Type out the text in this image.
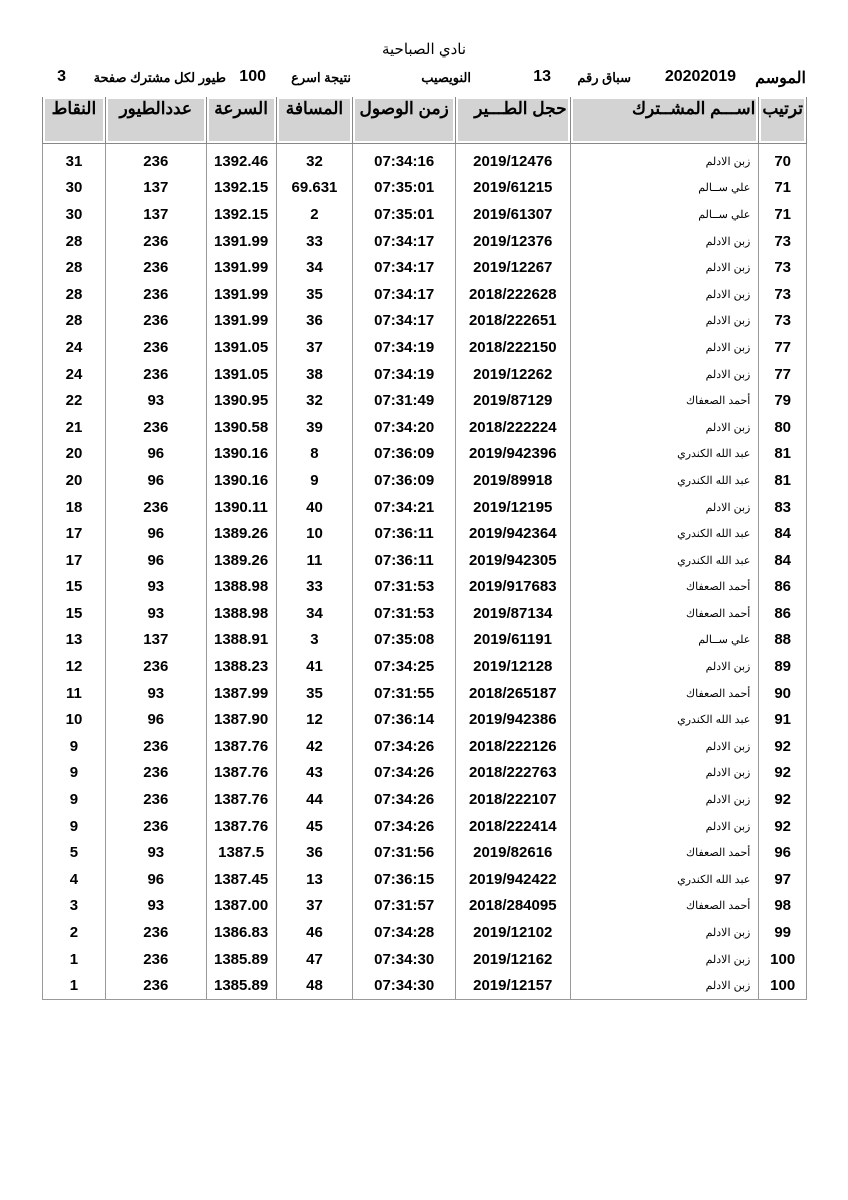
نادي الصباحية
الموسم
20202019
سباق رقم
13
النويصيب
نتيجة اسرع
100
طيور لكل مشترك صفحة
3
ترتيب	اســـم المشــترك	حجل الطـــير	زمن الوصول	المسافة	السرعة	عددالطيور	النقاط
70	زبن الادلم	2019/12476	07:34:16	32	1392.46	236	31
71	علي ســالم	2019/61215	07:35:01	69.631	1392.15	137	30
71	علي ســالم	2019/61307	07:35:01	2	1392.15	137	30
73	زبن الادلم	2019/12376	07:34:17	33	1391.99	236	28
73	زبن الادلم	2019/12267	07:34:17	34	1391.99	236	28
73	زبن الادلم	2018/222628	07:34:17	35	1391.99	236	28
73	زبن الادلم	2018/222651	07:34:17	36	1391.99	236	28
77	زبن الادلم	2018/222150	07:34:19	37	1391.05	236	24
77	زبن الادلم	2019/12262	07:34:19	38	1391.05	236	24
79	أحمد الصعفاك	2019/87129	07:31:49	32	1390.95	93	22
80	زبن الادلم	2018/222224	07:34:20	39	1390.58	236	21
81	عبد الله الكندري	2019/942396	07:36:09	8	1390.16	96	20
81	عبد الله الكندري	2019/89918	07:36:09	9	1390.16	96	20
83	زبن الادلم	2019/12195	07:34:21	40	1390.11	236	18
84	عبد الله الكندري	2019/942364	07:36:11	10	1389.26	96	17
84	عبد الله الكندري	2019/942305	07:36:11	11	1389.26	96	17
86	أحمد الصعفاك	2019/917683	07:31:53	33	1388.98	93	15
86	أحمد الصعفاك	2019/87134	07:31:53	34	1388.98	93	15
88	علي ســالم	2019/61191	07:35:08	3	1388.91	137	13
89	زبن الادلم	2019/12128	07:34:25	41	1388.23	236	12
90	أحمد الصعفاك	2018/265187	07:31:55	35	1387.99	93	11
91	عبد الله الكندري	2019/942386	07:36:14	12	1387.90	96	10
92	زبن الادلم	2018/222126	07:34:26	42	1387.76	236	9
92	زبن الادلم	2018/222763	07:34:26	43	1387.76	236	9
92	زبن الادلم	2018/222107	07:34:26	44	1387.76	236	9
92	زبن الادلم	2018/222414	07:34:26	45	1387.76	236	9
96	أحمد الصعفاك	2019/82616	07:31:56	36	1387.5	93	5
97	عبد الله الكندري	2019/942422	07:36:15	13	1387.45	96	4
98	أحمد الصعفاك	2018/284095	07:31:57	37	1387.00	93	3
99	زبن الادلم	2019/12102	07:34:28	46	1386.83	236	2
100	زبن الادلم	2019/12162	07:34:30	47	1385.89	236	1
100	زبن الادلم	2019/12157	07:34:30	48	1385.89	236	1
